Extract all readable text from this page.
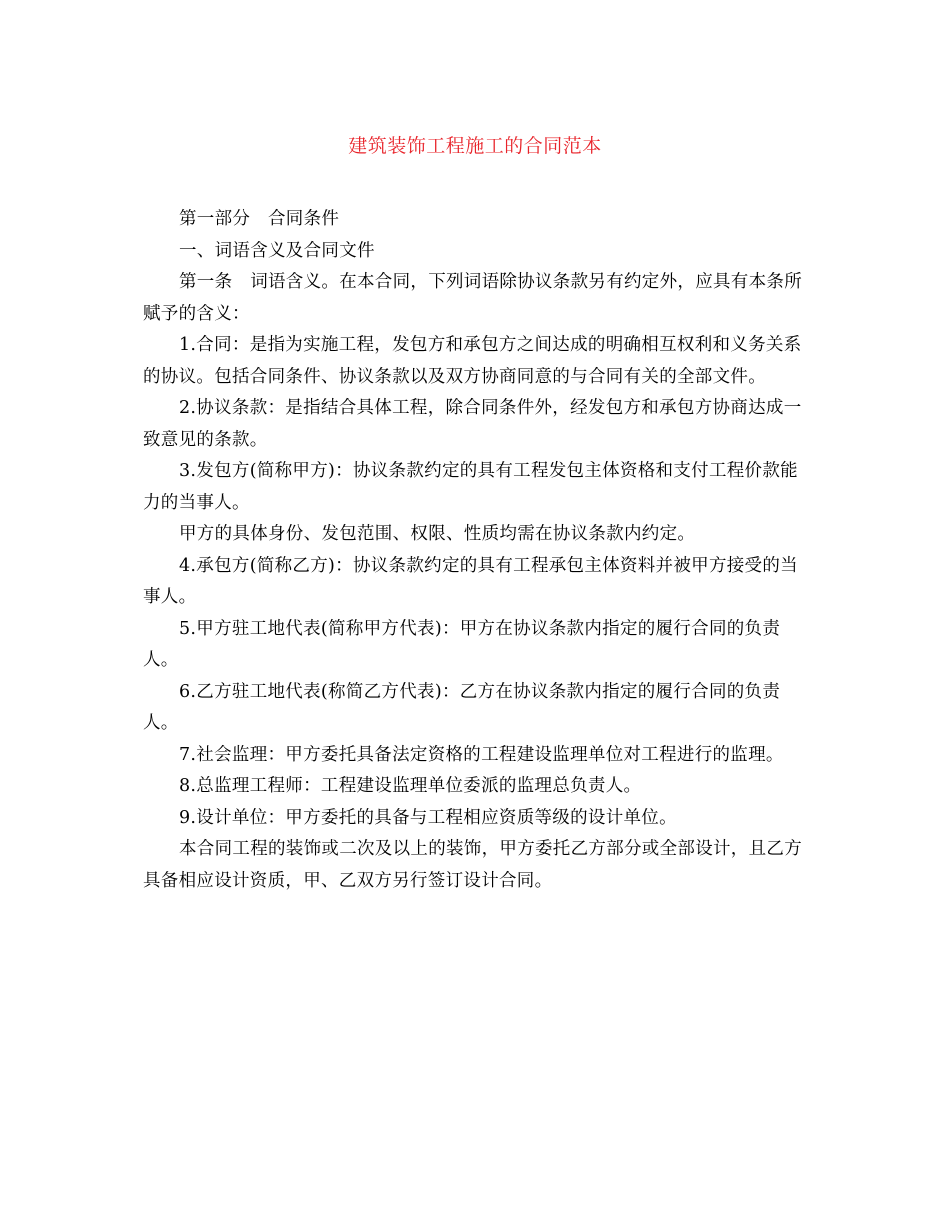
建筑装饰工程施工的合同范本

第一部分　合同条件

一、词语含义及合同文件

第一条　词语含义。在本合同，下列词语除协议条款另有约定外，应具有本条所赋予的含义：

1.合同：是指为实施工程，发包方和承包方之间达成的明确相互权利和义务关系的协议。包括合同条件、协议条款以及双方协商同意的与合同有关的全部文件。

2.协议条款：是指结合具体工程，除合同条件外，经发包方和承包方协商达成一致意见的条款。

3.发包方(简称甲方)：协议条款约定的具有工程发包主体资格和支付工程价款能力的当事人。

甲方的具体身份、发包范围、权限、性质均需在协议条款内约定。

4.承包方(简称乙方)：协议条款约定的具有工程承包主体资料并被甲方接受的当事人。

5.甲方驻工地代表(简称甲方代表)：甲方在协议条款内指定的履行合同的负责人。

6.乙方驻工地代表(称简乙方代表)：乙方在协议条款内指定的履行合同的负责人。

7.社会监理：甲方委托具备法定资格的工程建设监理单位对工程进行的监理。

8.总监理工程师：工程建设监理单位委派的监理总负责人。

9.设计单位：甲方委托的具备与工程相应资质等级的设计单位。

本合同工程的装饰或二次及以上的装饰，甲方委托乙方部分或全部设计，且乙方具备相应设计资质，甲、乙双方另行签订设计合同。
